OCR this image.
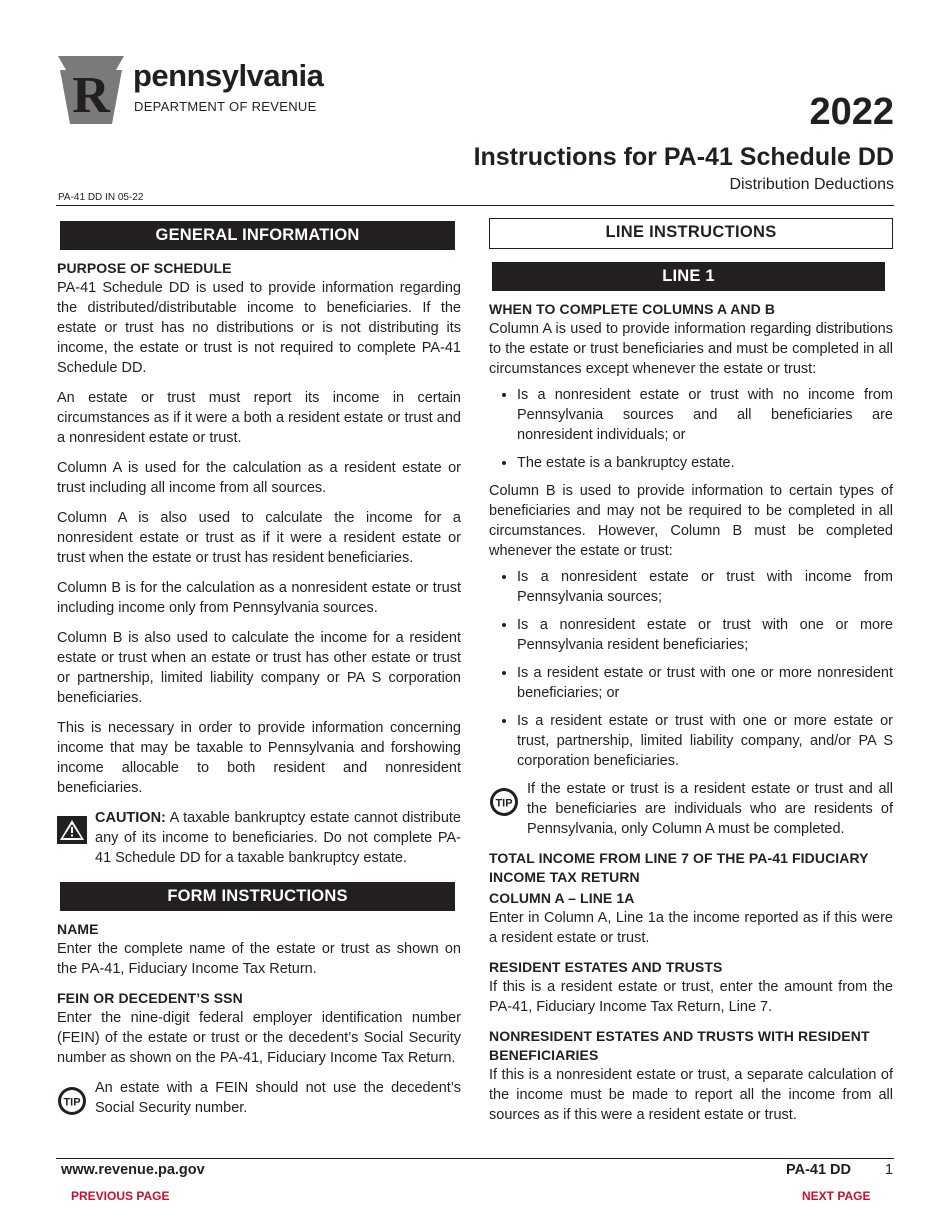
R pennsylvania
DEPARTMENT OF REVENUE	2022
Instructions for PA-41 Schedule DD
Distribution Deductions
PA-41 DD IN 05-22
GENERAL INFORMATION
PURPOSE OF SCHEDULE

PA-41 Schedule DD is used to provide information regarding the distributed/distributable income to beneficiaries. If the estate or trust has no distributions or is not distributing its income, the estate or trust is not required to complete PA-41 Schedule DD.

An estate or trust must report its income in certain circumstances as if it were a both a resident estate or trust and a nonresident estate or trust.

Column A is used for the calculation as a resident estate or trust including all income from all sources.

Column A is also used to calculate the income for a nonresident estate or trust as if it were a resident estate or trust when the estate or trust has resident beneficiaries.

Column B is for the calculation as a nonresident estate or trust including income only from Pennsylvania sources.

Column B is also used to calculate the income for a resident estate or trust when an estate or trust has other estate or trust or partnership, limited liability company or PA S corporation beneficiaries.

This is necessary in order to provide information concerning income that may be taxable to Pennsylvania and forshowing income allocable to both resident and nonresident beneficiaries.

CAUTION: A taxable bankruptcy estate cannot distribute any of its income to beneficiaries. Do not complete PA-41 Schedule DD for a taxable bankruptcy estate.
FORM INSTRUCTIONS
NAME

Enter the complete name of the estate or trust as shown on the PA-41, Fiduciary Income Tax Return.

FEIN OR DECEDENT’S SSN

Enter the nine-digit federal employer identification number (FEIN) of the estate or trust or the decedent’s Social Security number as shown on the PA-41, Fiduciary Income Tax Return.

TIP
An estate with a FEIN should not use the decedent’s Social Security number.
LINE INSTRUCTIONS
LINE 1
WHEN TO COMPLETE COLUMNS A AND B

Column A is used to provide information regarding distributions to the estate or trust beneficiaries and must be completed in all circumstances except whenever the estate or trust:

• Is a nonresident estate or trust with no income from Pennsylvania sources and all beneficiaries are nonresident individuals; or
• The estate is a bankruptcy estate.

Column B is used to provide information to certain types of beneficiaries and may not be required to be completed in all circumstances. However, Column B must be completed whenever the estate or trust:

• Is a nonresident estate or trust with income from Pennsylvania sources;
• Is a nonresident estate or trust with one or more Pennsylvania resident beneficiaries;
• Is a resident estate or trust with one or more nonresident beneficiaries; or
• Is a resident estate or trust with one or more estate or trust, partnership, limited liability company, and/or PA S corporation beneficiaries.
TIP
If the estate or trust is a resident estate or trust and all the beneficiaries are individuals who are residents of Pennsylvania, only Column A must be completed.
TOTAL INCOME FROM LINE 7 OF THE PA-41 FIDUCIARY INCOME TAX RETURN
COLUMN A – LINE 1A

Enter in Column A, Line 1a the income reported as if this were a resident estate or trust.

RESIDENT ESTATES AND TRUSTS

If this is a resident estate or trust, enter the amount from the PA-41, Fiduciary Income Tax Return, Line 7.

NONRESIDENT ESTATES AND TRUSTS WITH RESIDENT BENEFICIARIES

If this is a nonresident estate or trust, a separate calculation of the income must be made to report all the income from all sources as if this were a resident estate or trust.

www.revenue.pa.gov	PA-41 DD 1
PREVIOUS PAGE	NEXT PAGE
